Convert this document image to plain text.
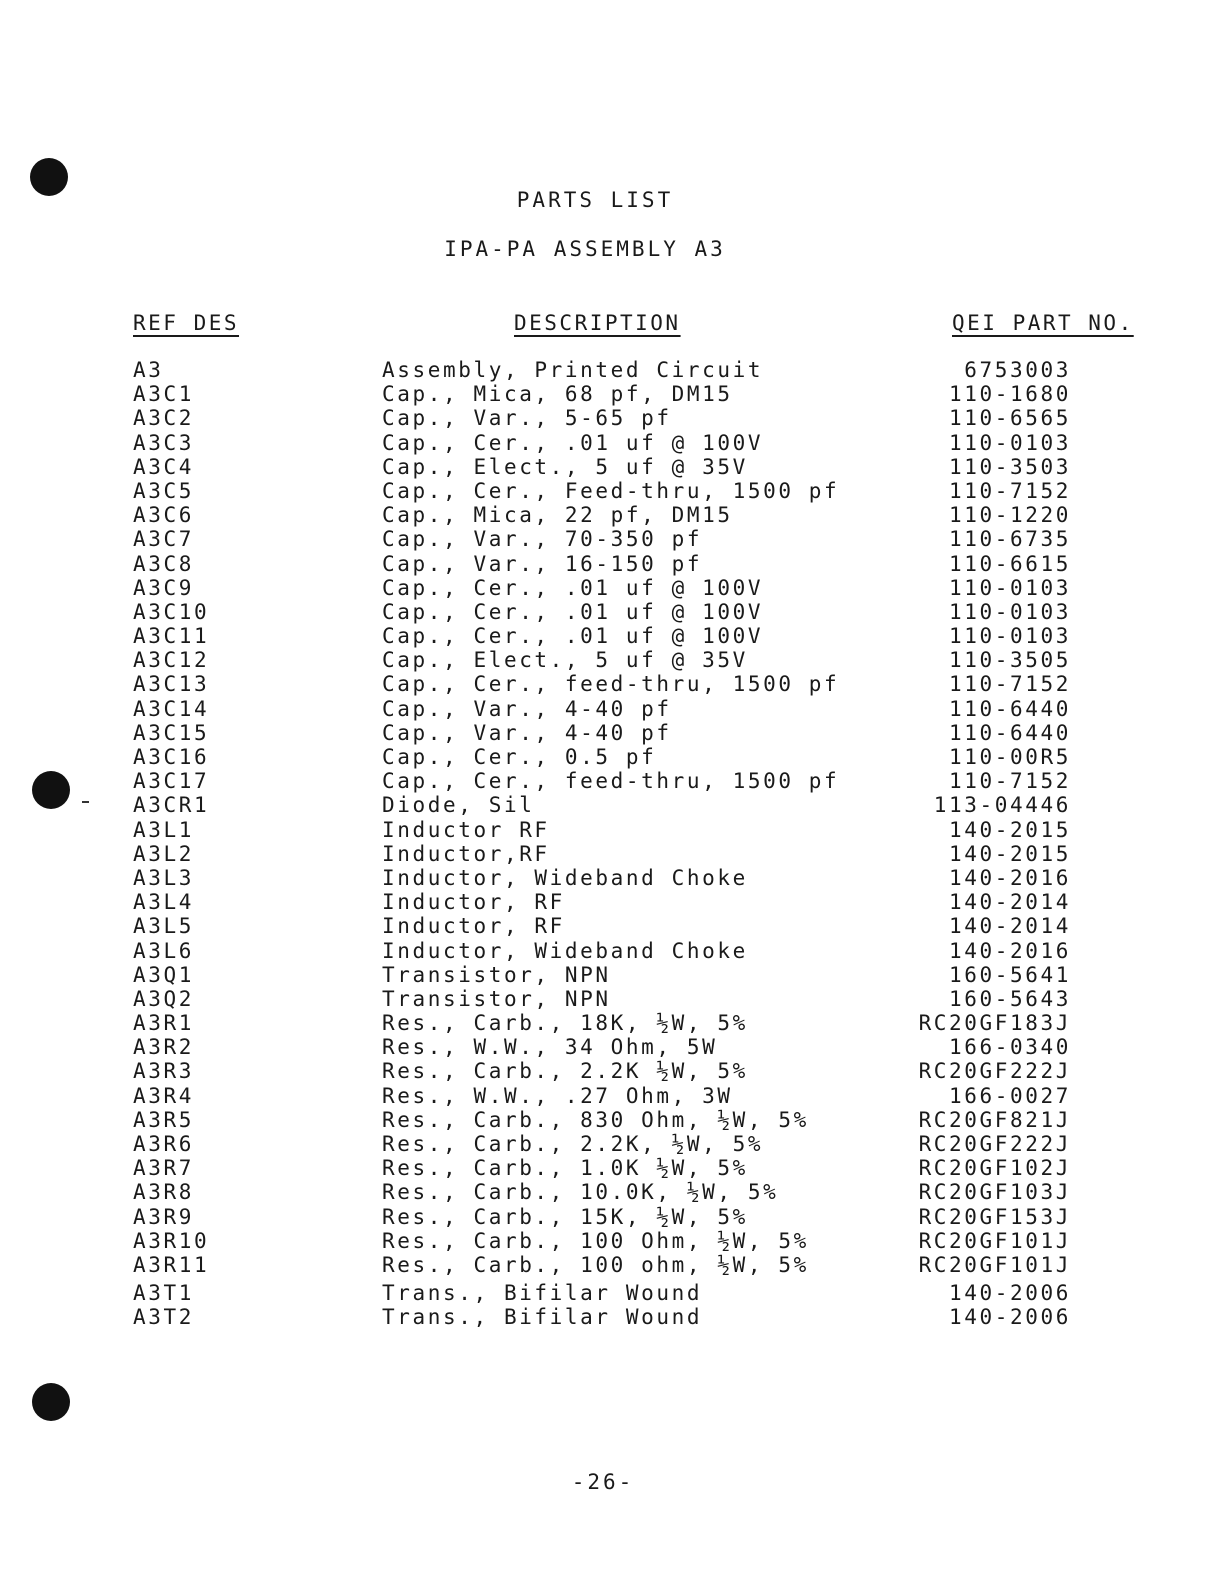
PARTS LIST
IPA-PA ASSEMBLY A3
REF DES	DESCRIPTION	QEI PART NO.
A3	Assembly, Printed Circuit	6753003
A3C1	Cap., Mica, 68 pf, DM15	110-1680
A3C2	Cap., Var., 5-65 pf	110-6565
A3C3	Cap., Cer., .01 uf @ 100V	110-0103
A3C4	Cap., Elect., 5 uf @ 35V	110-3503
A3C5	Cap., Cer., Feed-thru, 1500 pf	110-7152
A3C6	Cap., Mica, 22 pf, DM15	110-1220
A3C7	Cap., Var., 70-350 pf	110-6735
A3C8	Cap., Var., 16-150 pf	110-6615
A3C9	Cap., Cer., .01 uf @ 100V	110-0103
A3C10	Cap., Cer., .01 uf @ 100V	110-0103
A3C11	Cap., Cer., .01 uf @ 100V	110-0103
A3C12	Cap., Elect., 5 uf @ 35V	110-3505
A3C13	Cap., Cer., feed-thru, 1500 pf	110-7152
A3C14	Cap., Var., 4-40 pf	110-6440
A3C15	Cap., Var., 4-40 pf	110-6440
A3C16	Cap., Cer., 0.5 pf	110-00R5
A3C17	Cap., Cer., feed-thru, 1500 pf	110-7152
A3CR1	Diode, Sil	113-04446
A3L1	Inductor RF	140-2015
A3L2	Inductor,RF	140-2015
A3L3	Inductor, Wideband Choke	140-2016
A3L4	Inductor, RF	140-2014
A3L5	Inductor, RF	140-2014
A3L6	Inductor, Wideband Choke	140-2016
A3Q1	Transistor, NPN	160-5641
A3Q2	Transistor, NPN	160-5643
A3R1	Res., Carb., 18K, ½W, 5%	RC20GF183J
A3R2	Res., W.W., 34 Ohm, 5W	166-0340
A3R3	Res., Carb., 2.2K ½W, 5%	RC20GF222J
A3R4	Res., W.W., .27 Ohm, 3W	166-0027
A3R5	Res., Carb., 830 Ohm, ½W, 5%	RC20GF821J
A3R6	Res., Carb., 2.2K, ½W, 5%	RC20GF222J
A3R7	Res., Carb., 1.0K ½W, 5%	RC20GF102J
A3R8	Res., Carb., 10.0K, ½W, 5%	RC20GF103J
A3R9	Res., Carb., 15K, ½W, 5%	RC20GF153J
A3R10	Res., Carb., 100 Ohm, ½W, 5%	RC20GF101J
A3R11	Res., Carb., 100 ohm, ½W, 5%	RC20GF101J
A3T1	Trans., Bifilar Wound	140-2006
A3T2	Trans., Bifilar Wound	140-2006
-26-
